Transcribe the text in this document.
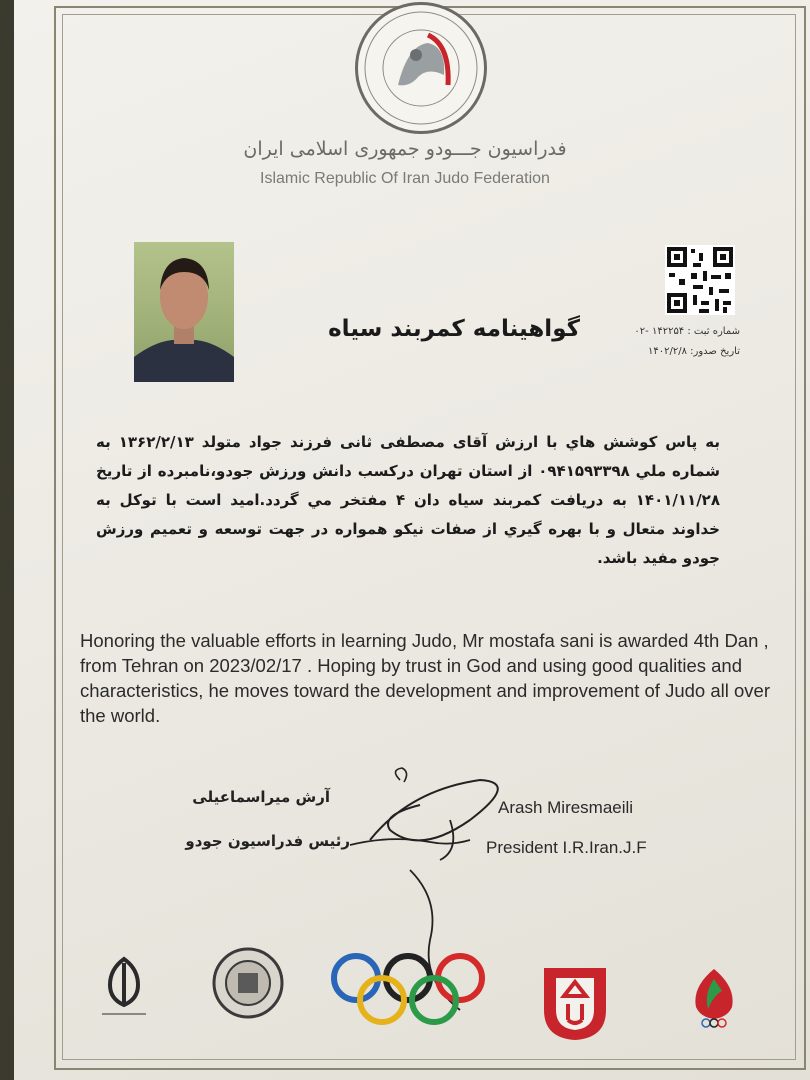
فدراسیون جـــودو جمهوری اسلامی ایران
Islamic Republic Of Iran Judo Federation
شماره ثبت : ۱۴۲۲۵۴ -۰۲
تاریخ صدور: ۱۴۰۲/۲/۸
گواهینامه کمربند سیاه
به پاس كوشش هاي با ارزش آقای مصطفی ثانی فرزند جواد متولد ۱۳۶۲/۲/۱۳ به شماره ملي ۰۹۴۱۵۹۳۳۹۸ از استان تهران درکسب دانش ورزش جودو،نامبرده از تاریخ ۱۴۰۱/۱۱/۲۸ به دريافت كمربند سياه دان ۴ مفتخر مي گردد.اميد است با توكل به خداوند متعال و با بهره گيري از صفات نيكو همواره در جهت توسعه و تعميم ورزش جودو مفيد باشد.
Honoring the valuable efforts in learning Judo, Mr mostafa sani is awarded 4th Dan , from Tehran on 2023/02/17 . Hoping by trust in God and using good qualities and characteristics, he moves toward the development and improvement of Judo all over the world.
آرش میراسماعیلی
رئیس فدراسیون جودو
Arash Miresmaeili
President I.R.Iran.J.F
